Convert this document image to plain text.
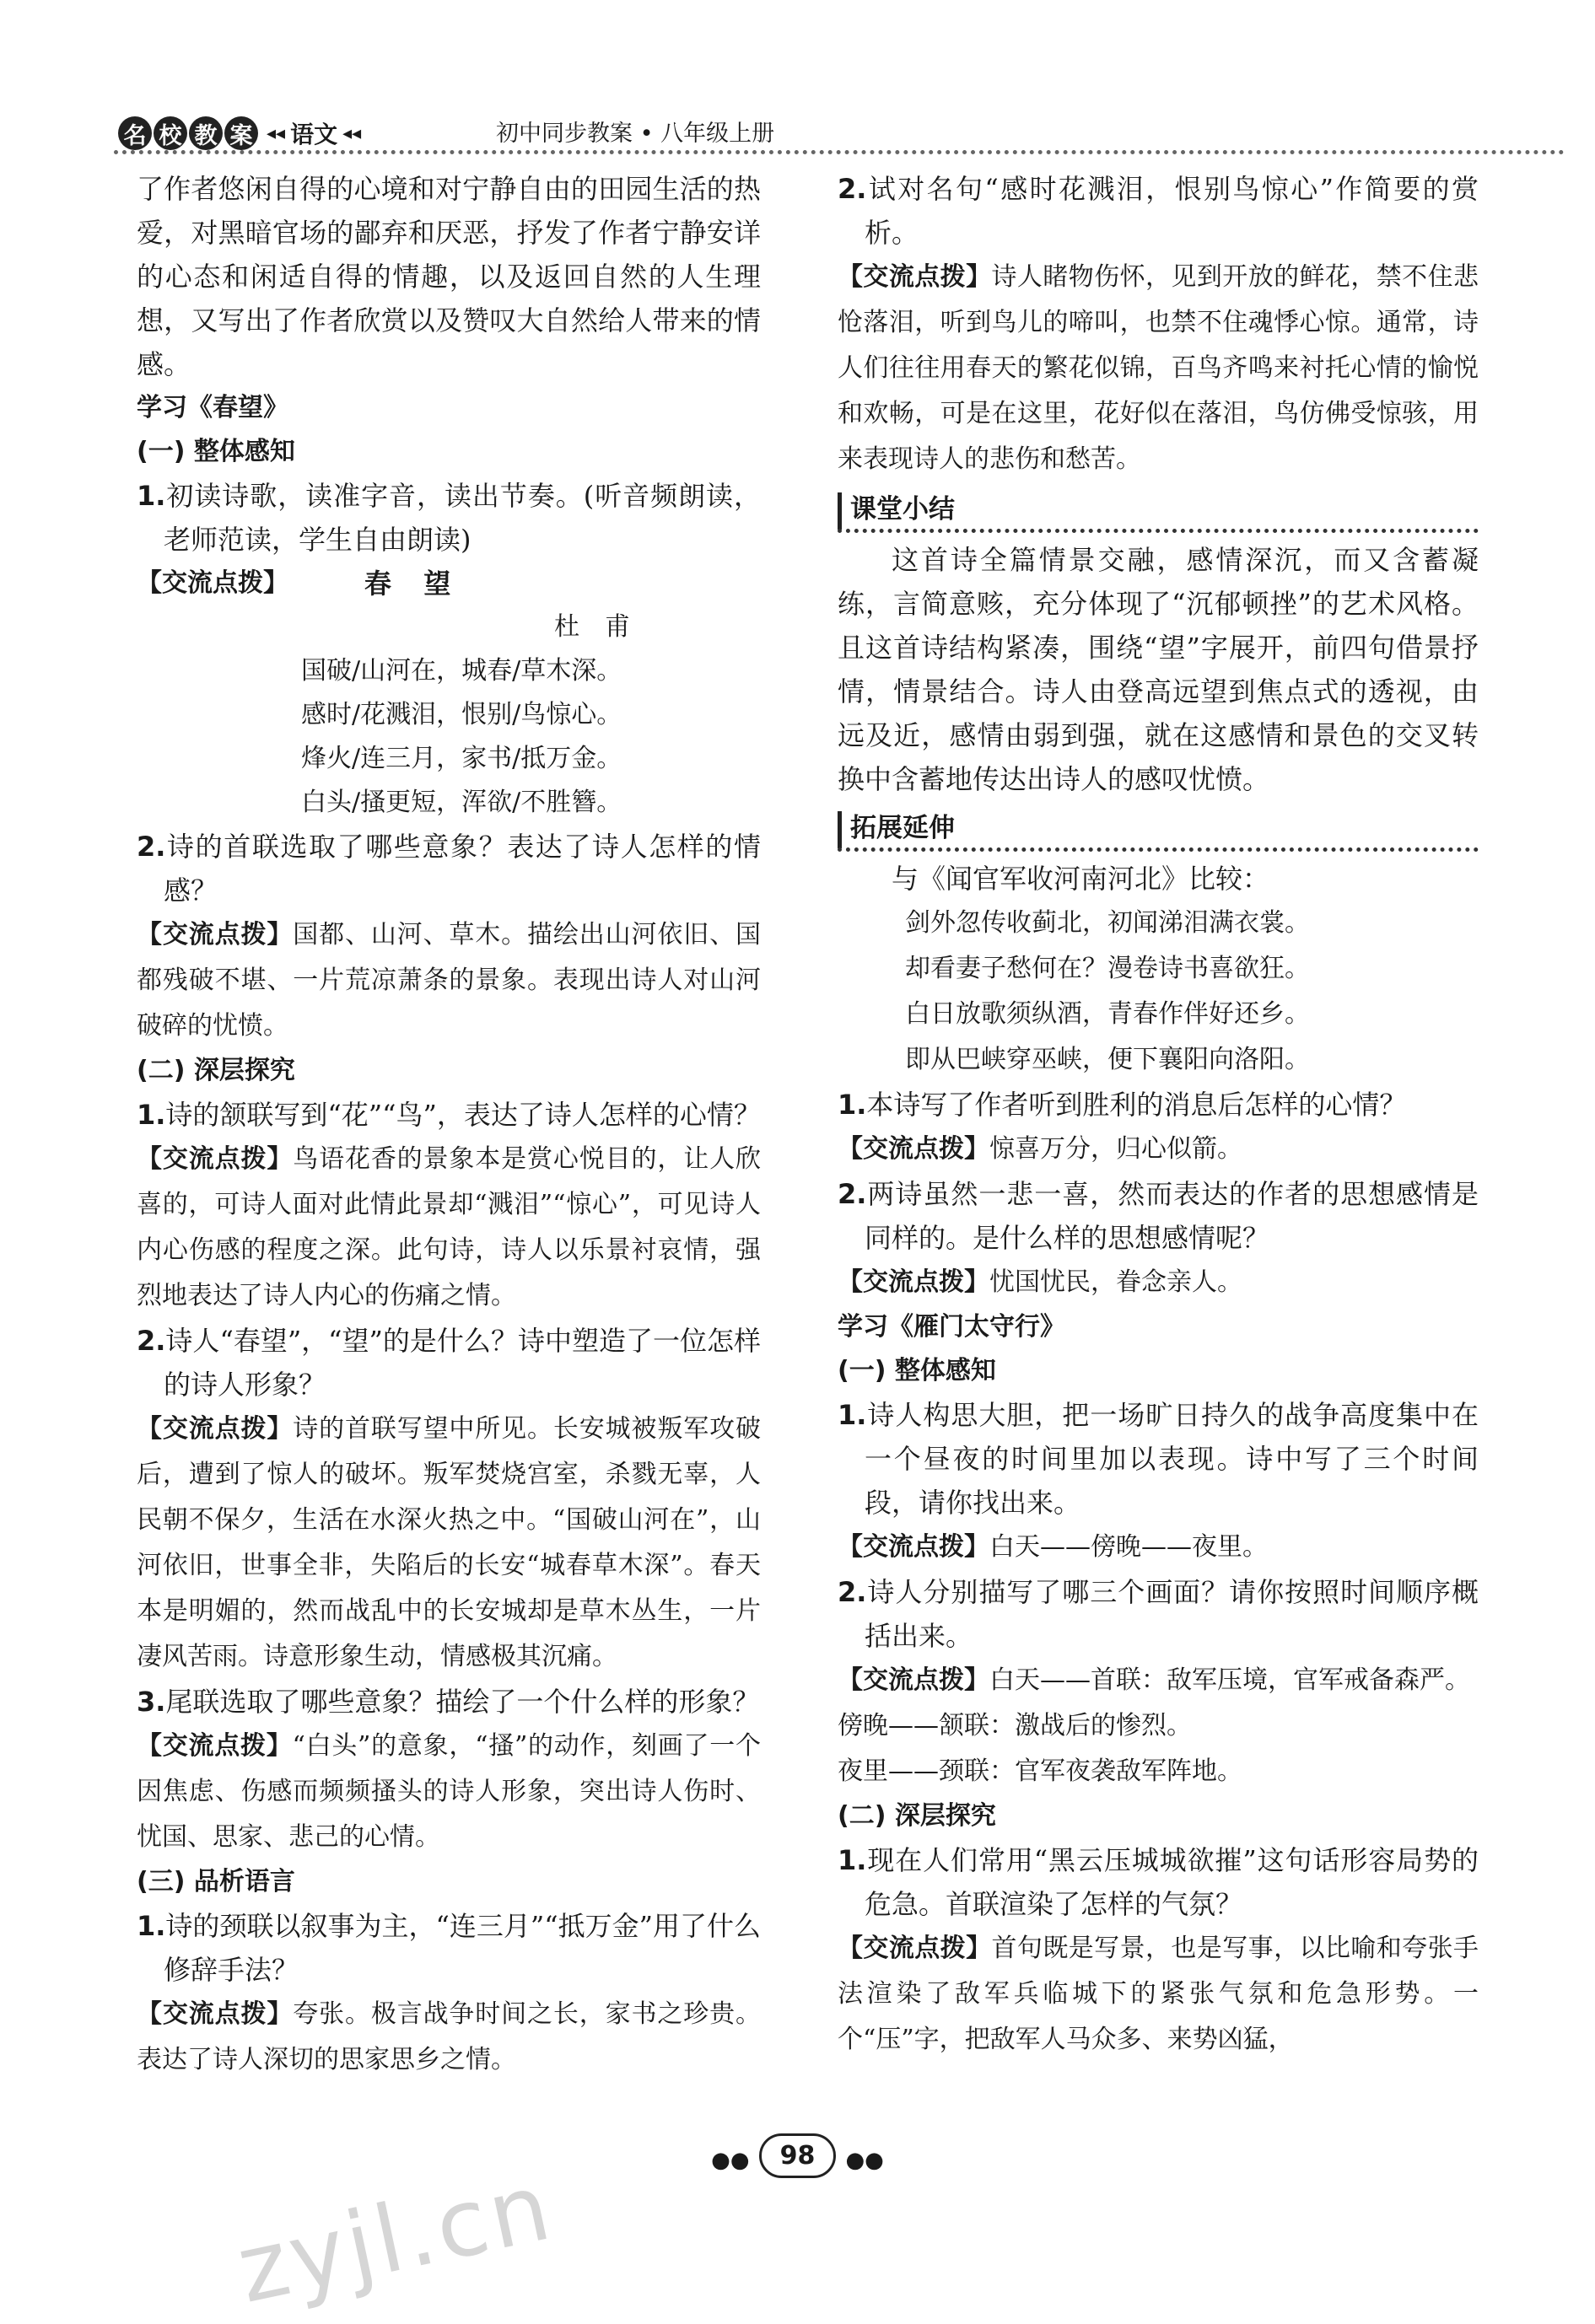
名 校 教 案 ◂◂ 语文 ◂◂	初中同步教案 • 八年级上册

了作者悠闲自得的心境和对宁静自由的田园生活的热爱，对黑暗官场的鄙弃和厌恶，抒发了作者宁静安详的心态和闲适自得的情趣，以及返回自然的人生理想，又写出了作者欣赏以及赞叹大自然给人带来的情感。

学习《春望》
(一) 整体感知

1.初读诗歌，读准字音，读出节奏。(听音频朗读，老师范读，学生自由朗读)

【交流点拨】	春望
杜甫
国破/山河在，城春/草木深。
感时/花溅泪，恨别/鸟惊心。
烽火/连三月，家书/抵万金。
白头/搔更短，浑欲/不胜簪。

2.诗的首联选取了哪些意象？表达了诗人怎样的情感？

【交流点拨】国都、山河、草木。描绘出山河依旧、国都残破不堪、一片荒凉萧条的景象。表现出诗人对山河破碎的忧愤。

(二) 深层探究

1.诗的颔联写到“花”“鸟”，表达了诗人怎样的心情？

【交流点拨】鸟语花香的景象本是赏心悦目的，让人欣喜的，可诗人面对此情此景却“溅泪”“惊心”，可见诗人内心伤感的程度之深。此句诗，诗人以乐景衬哀情，强烈地表达了诗人内心的伤痛之情。

2.诗人“春望”，“望”的是什么？诗中塑造了一位怎样的诗人形象？

【交流点拨】诗的首联写望中所见。长安城被叛军攻破后，遭到了惊人的破坏。叛军焚烧宫室，杀戮无辜，人民朝不保夕，生活在水深火热之中。“国破山河在”，山河依旧，世事全非，失陷后的长安“城春草木深”。春天本是明媚的，然而战乱中的长安城却是草木丛生，一片凄风苦雨。诗意形象生动，情感极其沉痛。

3.尾联选取了哪些意象？描绘了一个什么样的形象？

【交流点拨】“白头”的意象，“搔”的动作，刻画了一个因焦虑、伤感而频频搔头的诗人形象，突出诗人伤时、忧国、思家、悲己的心情。

(三) 品析语言

1.诗的颈联以叙事为主，“连三月”“抵万金”用了什么修辞手法？

【交流点拨】夸张。极言战争时间之长，家书之珍贵。表达了诗人深切的思家思乡之情。

2.试对名句“感时花溅泪，恨别鸟惊心”作简要的赏析。

【交流点拨】诗人睹物伤怀，见到开放的鲜花，禁不住悲怆落泪，听到鸟儿的啼叫，也禁不住魂悸心惊。通常，诗人们往往用春天的繁花似锦，百鸟齐鸣来衬托心情的愉悦和欢畅，可是在这里，花好似在落泪，鸟仿佛受惊骇，用来表现诗人的悲伤和愁苦。

课堂小结

这首诗全篇情景交融，感情深沉，而又含蓄凝练，言简意赅，充分体现了“沉郁顿挫”的艺术风格。且这首诗结构紧凑，围绕“望”字展开，前四句借景抒情，情景结合。诗人由登高远望到焦点式的透视，由远及近，感情由弱到强，就在这感情和景色的交叉转换中含蓄地传达出诗人的感叹忧愤。

拓展延伸

与《闻官军收河南河北》比较：

剑外忽传收蓟北，初闻涕泪满衣裳。
却看妻子愁何在？漫卷诗书喜欲狂。
白日放歌须纵酒，青春作伴好还乡。
即从巴峡穿巫峡，便下襄阳向洛阳。

1.本诗写了作者听到胜利的消息后怎样的心情？

【交流点拨】惊喜万分，归心似箭。

2.两诗虽然一悲一喜，然而表达的作者的思想感情是同样的。是什么样的思想感情呢？

【交流点拨】忧国忧民，眷念亲人。

学习《雁门太守行》
(一) 整体感知

1.诗人构思大胆，把一场旷日持久的战争高度集中在一个昼夜的时间里加以表现。诗中写了三个时间段，请你找出来。

【交流点拨】白天——傍晚——夜里。

2.诗人分别描写了哪三个画面？请你按照时间顺序概括出来。

【交流点拨】白天——首联：敌军压境，官军戒备森严。

傍晚——颔联：激战后的惨烈。

夜里——颈联：官军夜袭敌军阵地。

(二) 深层探究

1.现在人们常用“黑云压城城欲摧”这句话形容局势的危急。首联渲染了怎样的气氛？

【交流点拨】首句既是写景，也是写事，以比喻和夸张手法渲染了敌军兵临城下的紧张气氛和危急形势。一个“压”字，把敌军人马众多、来势凶猛，

●● 98 ●●
zyjl.cn
